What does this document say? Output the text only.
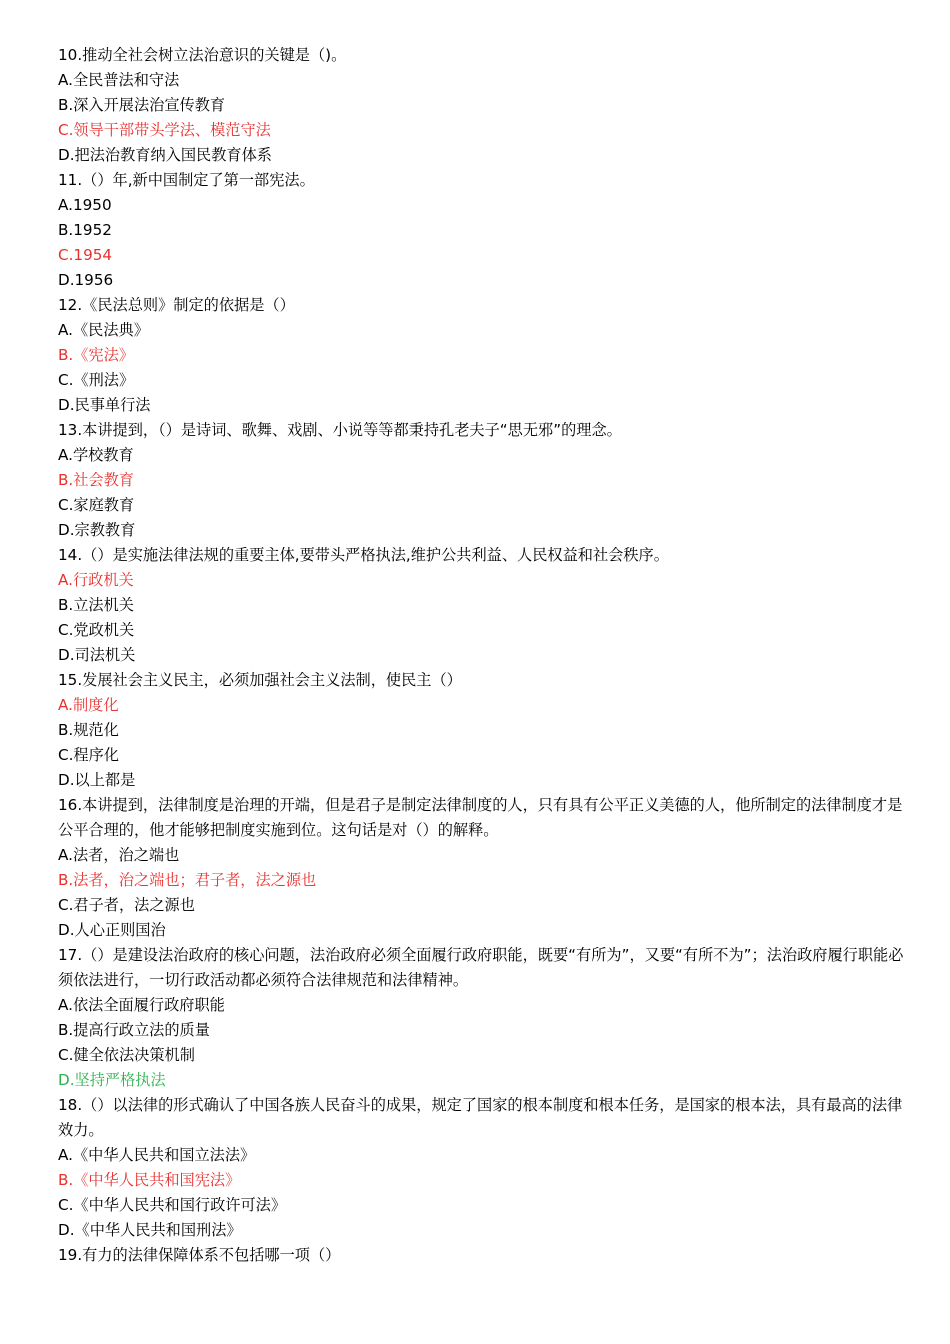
10.推动全社会树立法治意识的关键是（)。

A.全民普法和守法

B.深入开展法治宣传教育

C.领导干部带头学法、模范守法

D.把法治教育纳入国民教育体系

11.（）年,新中国制定了第一部宪法。

A.1950

B.1952

C.1954

D.1956

12.《民法总则》制定的依据是（）

A.《民法典》

B.《宪法》

C.《刑法》

D.民事单行法

13.本讲提到，（）是诗词、歌舞、戏剧、小说等等都秉持孔老夫子“思无邪”的理念。

A.学校教育

B.社会教育

C.家庭教育

D.宗教教育

14.（）是实施法律法规的重要主体,要带头严格执法,维护公共利益、人民权益和社会秩序。

A.行政机关

B.立法机关

C.党政机关

D.司法机关

15.发展社会主义民主，必须加强社会主义法制，使民主（）

A.制度化

B.规范化

C.程序化

D.以上都是

16.本讲提到，法律制度是治理的开端，但是君子是制定法律制度的人，只有具有公平正义美德的人，他所制定的法律制度才是公平合理的，他才能够把制度实施到位。这句话是对（）的解释。

A.法者，治之端也

B.法者，治之端也；君子者，法之源也

C.君子者，法之源也

D.人心正则国治

17.（）是建设法治政府的核心问题，法治政府必须全面履行政府职能，既要“有所为”，又要“有所不为”；法治政府履行职能必须依法进行，一切行政活动都必须符合法律规范和法律精神。

A.依法全面履行政府职能

B.提高行政立法的质量

C.健全依法决策机制

D.坚持严格执法

18.（）以法律的形式确认了中国各族人民奋斗的成果，规定了国家的根本制度和根本任务，是国家的根本法，具有最高的法律效力。

A.《中华人民共和国立法法》

B.《中华人民共和国宪法》

C.《中华人民共和国行政许可法》

D.《中华人民共和国刑法》

19.有力的法律保障体系不包括哪一项（）
